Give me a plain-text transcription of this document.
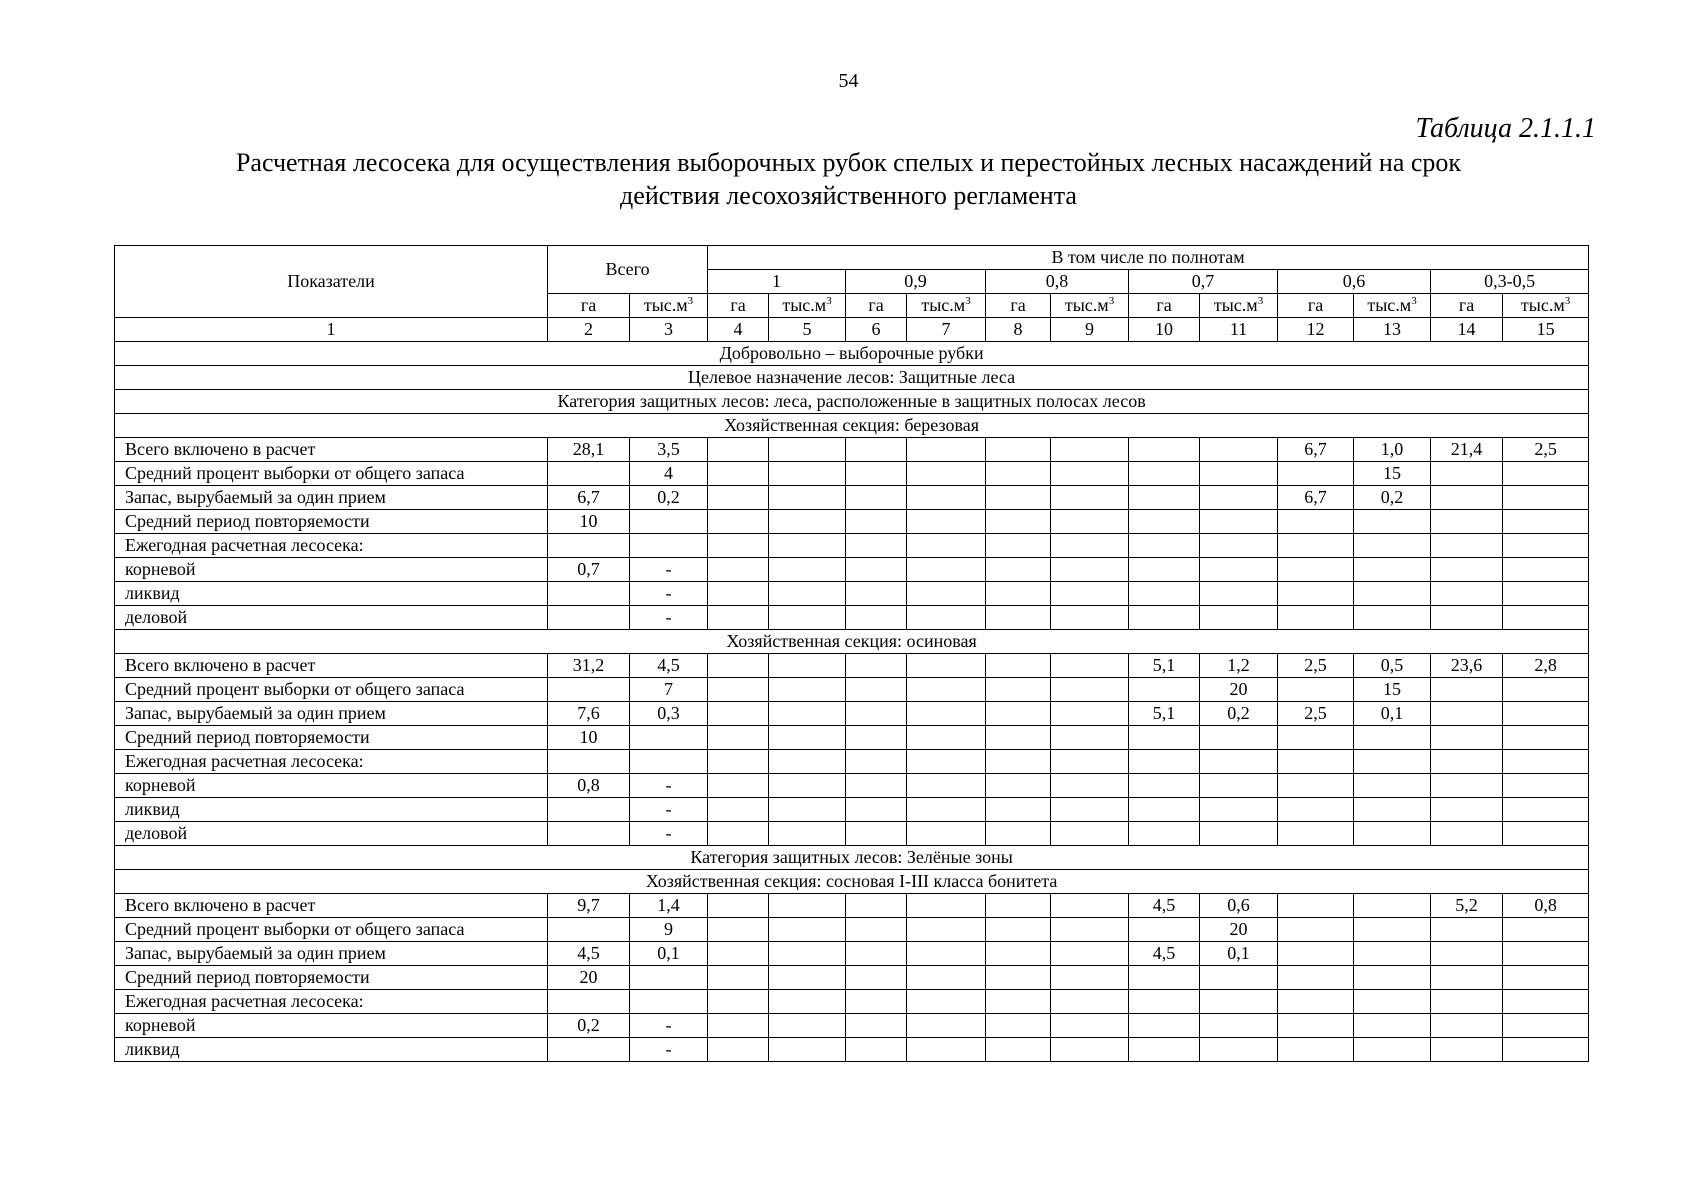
54
Таблица 2.1.1.1
Расчетная лесосека для осуществления выборочных рубок спелых и перестойных лесных насаждений на срок
действия лесохозяйственного регламента
Показатели	Всего		В том числе по полнотам											
			1		0,9		0,8		0,7		0,6		0,3-0,5	
	га	$тыс.м^3$	га	$тыс.м^3$	га	$тыс.м^3$	га	$тыс.м^3$	га	$тыс.м^3$	га	$тыс.м^3$	га	$тыс.м^3$
1	2	3	4	5	6	7	8	9	10	11	12	13	14	15
Добровольно – выборочные рубки														
Целевое назначение лесов: Защитные леса														
Категория защитных лесов: леса, расположенные в защитных полосах лесов														
Хозяйственная секция: березовая														
Всего включено в расчет	28,1	3,5									6,7	1,0	21,4	2,5
Средний процент выборки от общего запаса		4										15		
Запас, вырубаемый за один прием	6,7	0,2									6,7	0,2		
Средний период повторяемости	10													
Ежегодная расчетная лесосека:														
корневой	0,7	-												
ликвид		-												
деловой		-												
Хозяйственная секция: осиновая														
Всего включено в расчет	31,2	4,5							5,1	1,2	2,5	0,5	23,6	2,8
Средний процент выборки от общего запаса		7								20		15		
Запас, вырубаемый за один прием	7,6	0,3							5,1	0,2	2,5	0,1		
Средний период повторяемости	10													
Ежегодная расчетная лесосека:														
корневой	0,8	-												
ликвид		-												
деловой		-												
Категория защитных лесов: Зелёные зоны														
Хозяйственная секция: сосновая I-III класса бонитета														
Всего включено в расчет	9,7	1,4							4,5	0,6			5,2	0,8
Средний процент выборки от общего запаса		9								20				
Запас, вырубаемый за один прием	4,5	0,1							4,5	0,1				
Средний период повторяемости	20													
Ежегодная расчетная лесосека:														
корневой	0,2	-												
ликвид		-												
